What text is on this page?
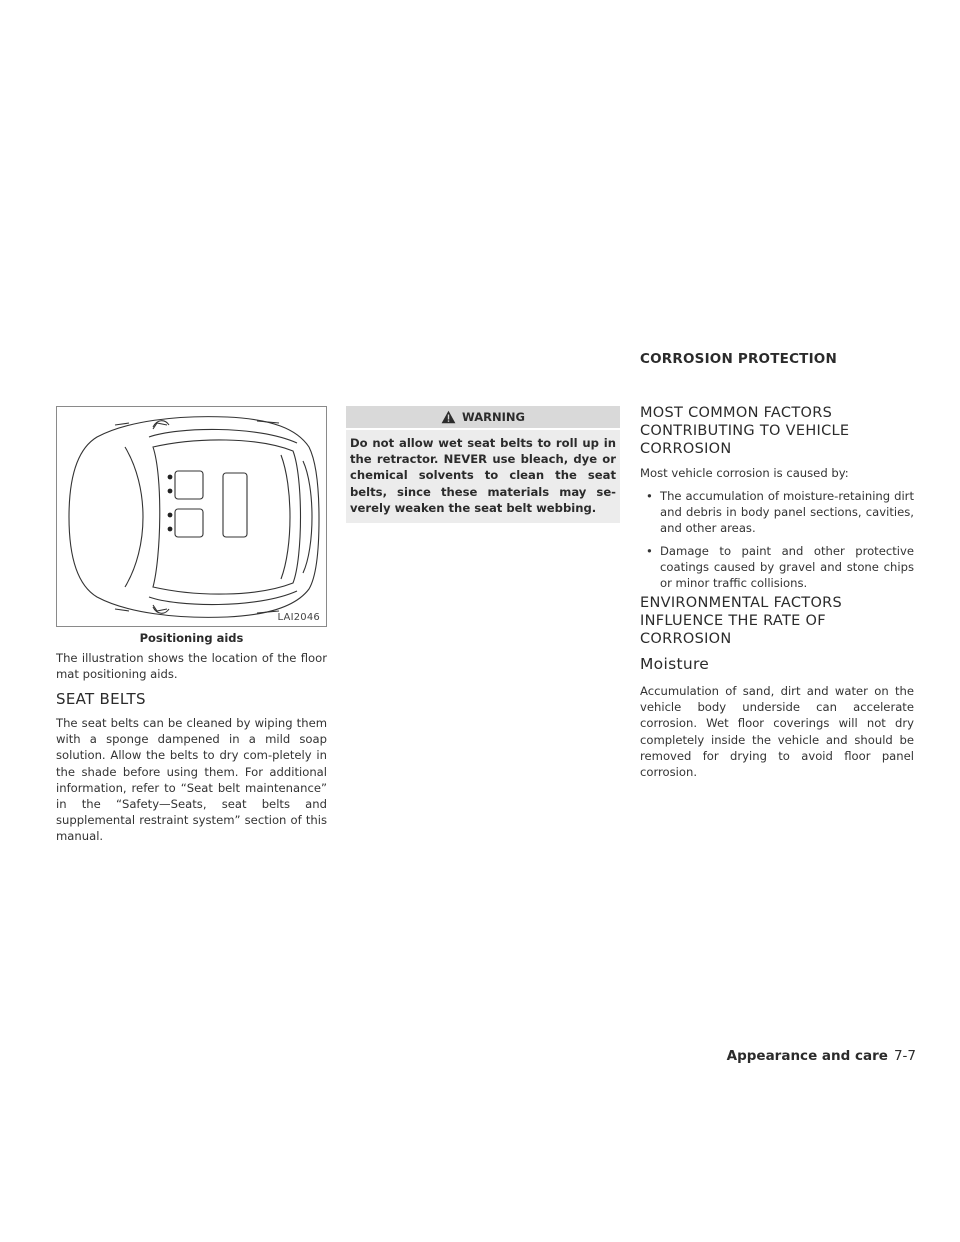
LAI2046
Positioning aids

The illustration shows the location of the floor mat positioning aids.

SEAT BELTS

The seat belts can be cleaned by wiping them with a sponge dampened in a mild soap solution. Allow the belts to dry com-pletely in the shade before using them. For additional information, refer to “Seat belt maintenance” in the “Safety—Seats, seat belts and supplemental restraint system” section of this manual.

WARNING
Do not allow wet seat belts to roll up in the retractor. NEVER use bleach, dye or chemical solvents to clean the seat belts, since these materials may se-verely weaken the seat belt webbing.
CORROSION PROTECTION
MOST COMMON FACTORS CONTRIBUTING TO VEHICLE CORROSION

Most vehicle corrosion is caused by:

• The accumulation of moisture-retaining dirt and debris in body panel sections, cavities, and other areas.
• Damage to paint and other protective coatings caused by gravel and stone chips or minor traffic collisions.
ENVIRONMENTAL FACTORS INFLUENCE THE RATE OF CORROSION
Moisture

Accumulation of sand, dirt and water on the vehicle body underside can accelerate corrosion. Wet floor coverings will not dry completely inside the vehicle and should be removed for drying to avoid floor panel corrosion.

Appearance and care 7-7
